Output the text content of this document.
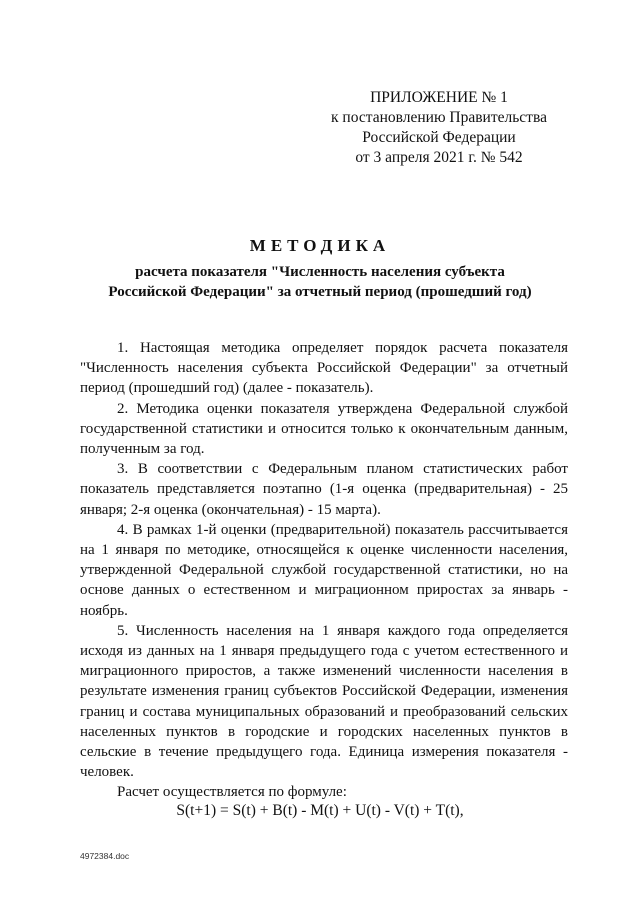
ПРИЛОЖЕНИЕ № 1
к постановлению Правительства
Российской Федерации
от 3 апреля 2021 г. № 542
МЕТОДИКА
расчета показателя "Численность населения субъекта
Российской Федерации" за отчетный период (прошедший год)

1. Настоящая методика определяет порядок расчета показателя "Численность населения субъекта Российской Федерации" за отчетный период (прошедший год) (далее - показатель).

2. Методика оценки показателя утверждена Федеральной службой государственной статистики и относится только к окончательным данным, полученным за год.

3. В соответствии с Федеральным планом статистических работ показатель представляется поэтапно (1-я оценка (предварительная) - 25 января; 2-я оценка (окончательная) - 15 марта).

4. В рамках 1-й оценки (предварительной) показатель рассчитывается на 1 января по методике, относящейся к оценке численности населения, утвержденной Федеральной службой государственной статистики, но на основе данных о естественном и миграционном приростах за январь - ноябрь.

5. Численность населения на 1 января каждого года определяется исходя из данных на 1 января предыдущего года с учетом естественного и миграционного приростов, а также изменений численности населения в результате изменения границ субъектов Российской Федерации, изменения границ и состава муниципальных образований и преобразований сельских населенных пунктов в городские и городских населенных пунктов в сельские в течение предыдущего года. Единица измерения показателя - человек.

Расчет осуществляется по формуле:

S(t+1) = S(t) + B(t) - M(t) + U(t) - V(t) + T(t),
4972384.doc
